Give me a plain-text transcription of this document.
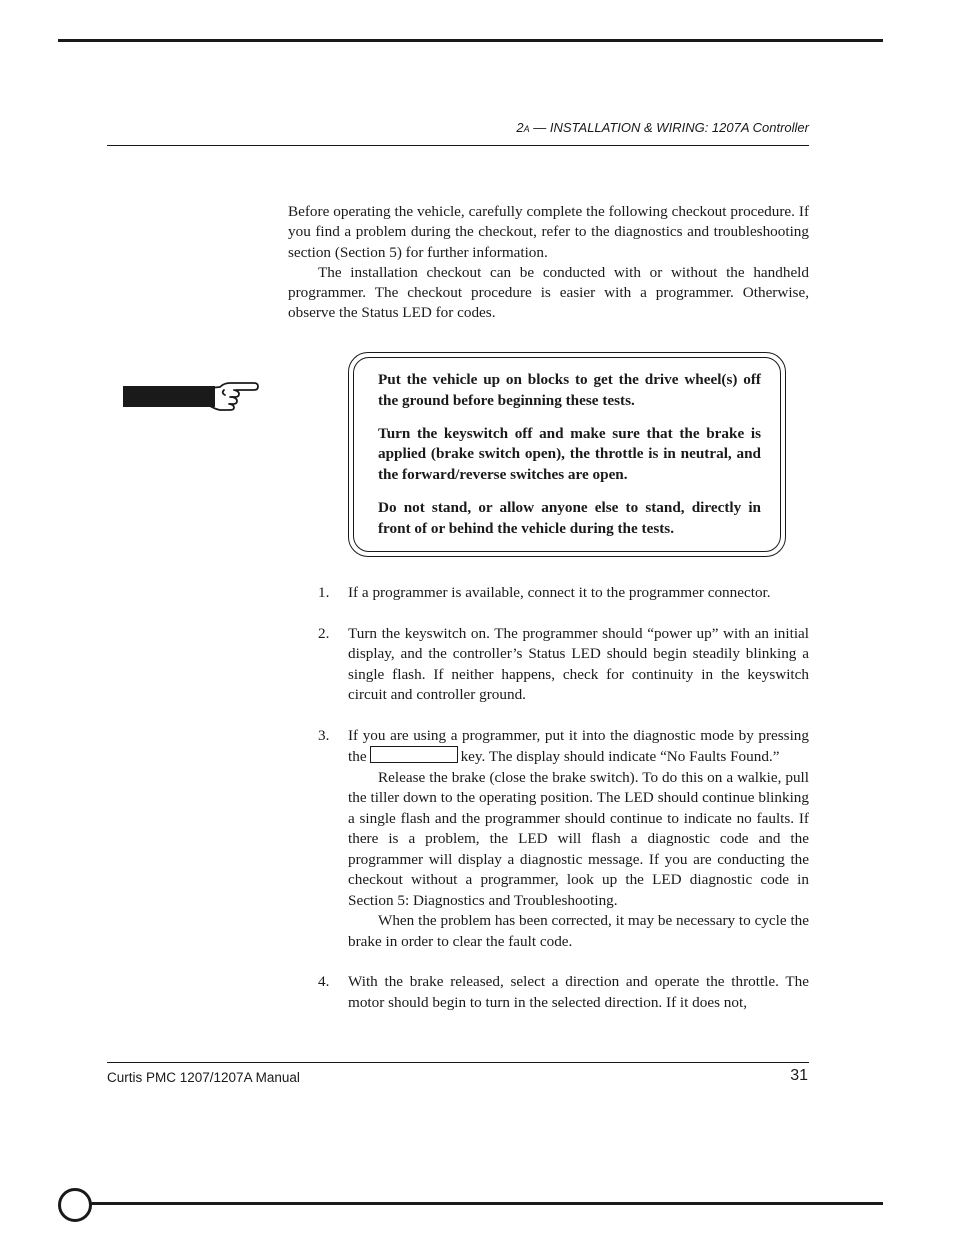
2A — INSTALLATION & WIRING: 1207A Controller

Before operating the vehicle, carefully complete the following checkout procedure. If you find a problem during the checkout, refer to the diagnostics and troubleshooting section (Section 5) for further information.

The installation checkout can be conducted with or without the handheld programmer. The checkout procedure is easier with a programmer. Otherwise, observe the Status LED for codes.

Put the vehicle up on blocks to get the drive wheel(s) off the ground before beginning these tests.

Turn the keyswitch off and make sure that the brake is applied (brake switch open), the throttle is in neutral, and the forward/reverse switches are open.

Do not stand, or allow anyone else to stand, directly in front of or behind the vehicle during the tests.

1. If a programmer is available, connect it to the programmer connector.

2. Turn the keyswitch on. The programmer should “power up” with an initial display, and the controller’s Status LED should begin steadily blinking a single flash. If neither happens, check for continuity in the keyswitch circuit and controller ground.

3. If you are using a programmer, put it into the diagnostic mode by pressing the	key. The display should indicate “No Faults Found.”

Release the brake (close the brake switch). To do this on a walkie, pull the tiller down to the operating position. The LED should continue blinking a single flash and the programmer should continue to indicate no faults. If there is a problem, the LED will flash a diagnostic code and the programmer will display a diagnostic message. If you are conducting the checkout without a programmer, look up the LED diagnostic code in Section 5: Diagnostics and Troubleshooting.

When the problem has been corrected, it may be necessary to cycle the brake in order to clear the fault code.

4. With the brake released, select a direction and operate the throttle. The motor should begin to turn in the selected direction. If it does not,

Curtis PMC 1207/1207A Manual	31
